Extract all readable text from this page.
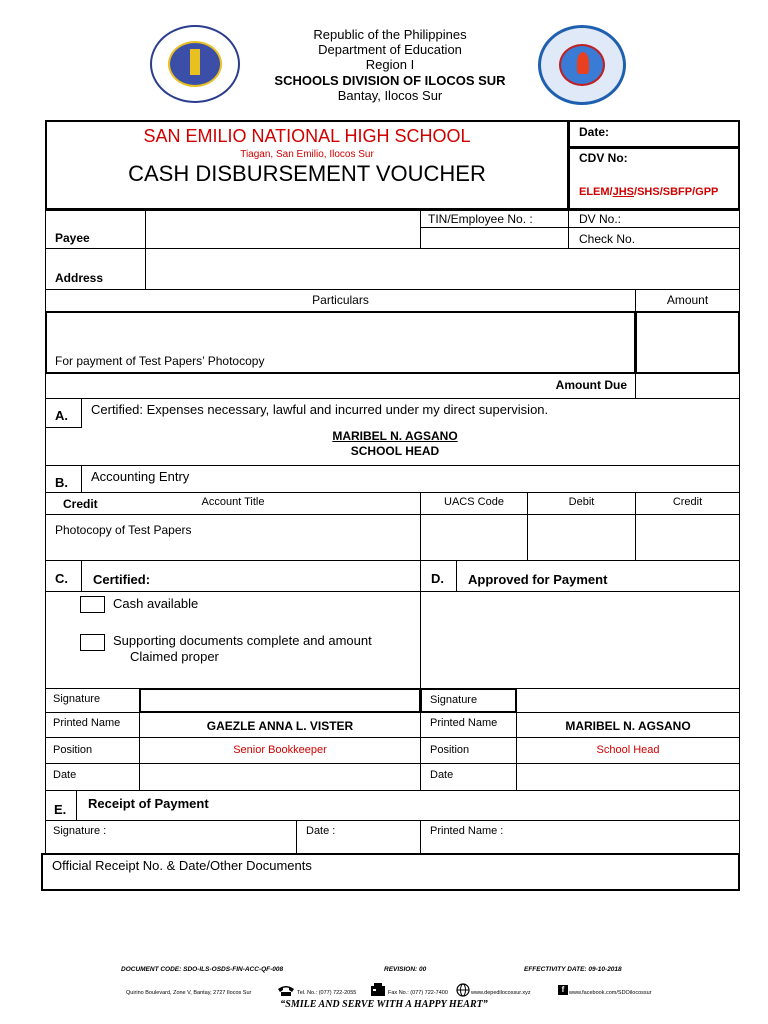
Republic of the Philippines
Department of Education
Region I
SCHOOLS DIVISION OF ILOCOS SUR
Bantay, Ilocos Sur
SAN EMILIO NATIONAL HIGH SCHOOL
Tiagan, San Emilio, Ilocos Sur
CASH DISBURSEMENT VOUCHER
Date:
CDV No:
ELEM/JHS/SHS/SBFP/GPP
Payee
TIN/Employee No. :	DV No.:
Check No.
Address
Particulars	Amount
For payment of Test Papers’ Photocopy
Amount Due
A. Certified: Expenses necessary, lawful and incurred under my direct supervision.
MARIBEL N. AGSANO
SCHOOL HEAD
B. Accounting Entry
Credit	Account Title	UACS Code	Debit	Credit
Photocopy of Test Papers
C. Certified:	D. Approved for Payment
Cash available
Supporting documents complete and amount
Claimed proper
Signature
Printed Name	GAEZLE ANNA L. VISTER
Position	Senior Bookkeeper
Date
Signature
Printed Name	MARIBEL N. AGSANO
Position	School Head
Date
E. Receipt of Payment
Signature :	Date :	Printed Name :
Official Receipt No. & Date/Other Documents
DOCUMENT CODE: SDO-ILS-OSDS-FIN-ACC-QF-008	REVISION: 00	EFFECTIVITY DATE: 09-10-2018
Quirino Boulevard, Zone V, Bantay, 2727 Ilocos Sur	Tel. No.: (077) 722-2055	Fax No.: (077) 722-7400	www.depedilocossur.xyz	f www.facebook.com/SDOilocossur
“SMILE AND SERVE WITH A HAPPY HEART”
